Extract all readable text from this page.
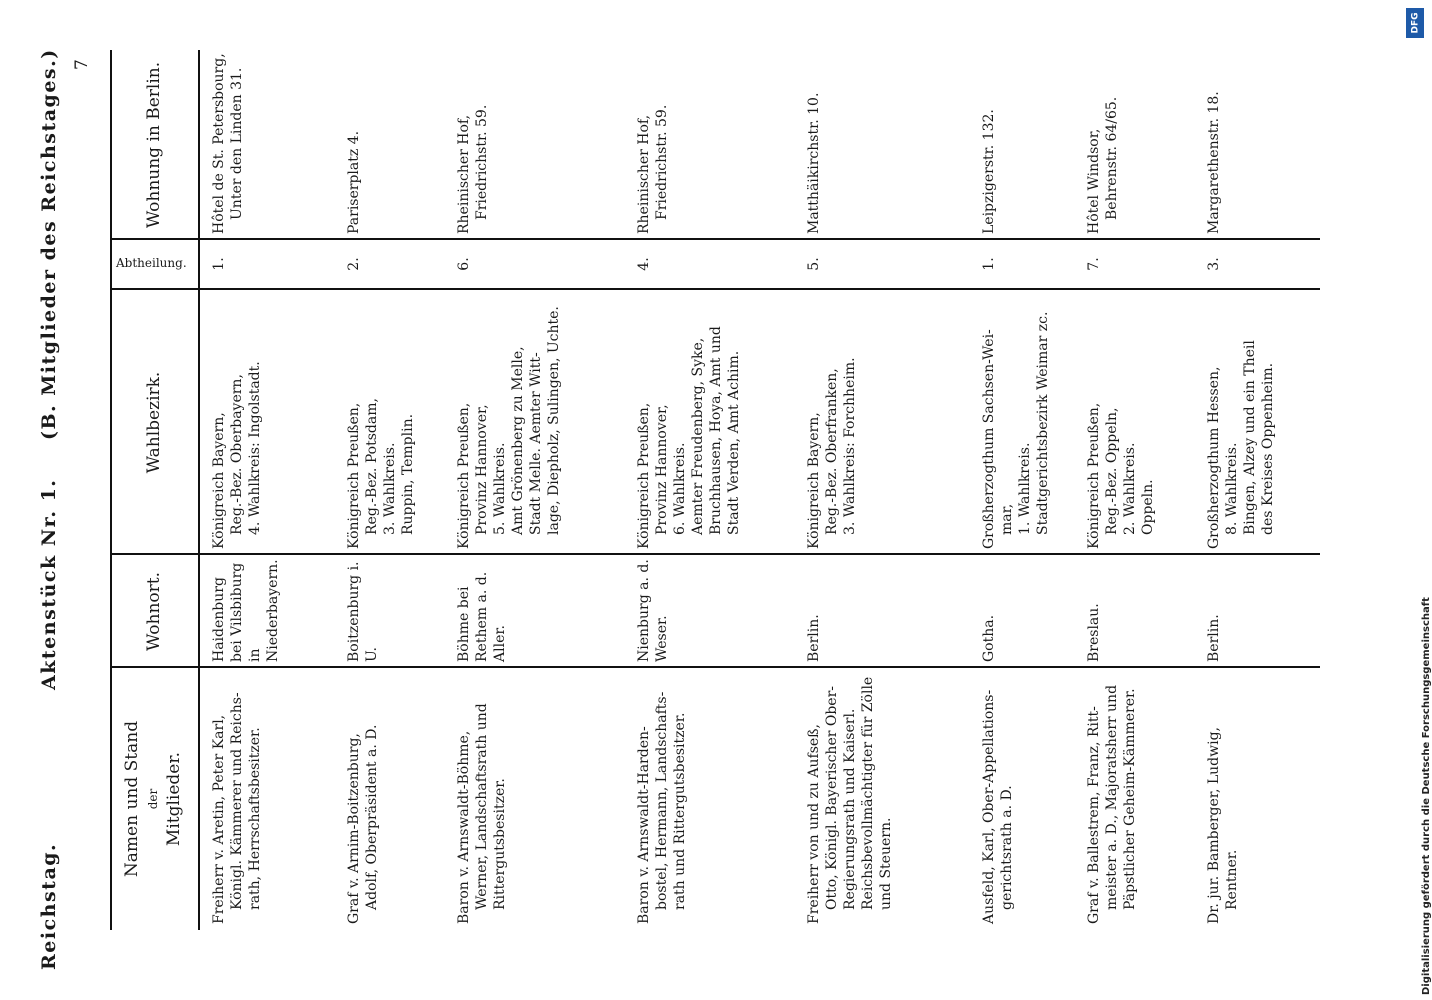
7
Reichstag.
Aktenstück Nr. 1.
(B. Mitglieder des Reichstages.)
Namen und Stand der Mitglieder.
Wohnort.
Wahlbezirk.
Abtheilung.
Wohnung in Berlin.
Freiherr v. Aretin, Peter Karl, Königl. Kämmerer und Reichs- rath, Herrschaftsbesitzer.
Haidenburg bei Vilsbiburg in Niederbayern.
Königreich Bayern, Reg.-Bez. Oberbayern, 4. Wahlkreis: Ingolstadt.
Hôtel de St. Petersbourg, Unter den Linden 31.
1.
Graf v. Arnim-Boitzenburg, Adolf, Oberpräsident a. D.
Boitzenburg i. U.
Königreich Preußen, Reg.-Bez. Potsdam, 3. Wahlkreis. Ruppin, Templin.
Pariserplatz 4.
2.
Baron v. Arnswaldt-Böhme, Werner, Landschaftsrath und Rittergutsbesitzer.
Böhme bei Rethem a. d. Aller.
Königreich Preußen, Provinz Hannover, 5. Wahlkreis. Amt Grönenberg zu Melle, Stadt Melle. Aemter Witt- lage, Diepholz, Sulingen, Uchte.
Rheinischer Hof, Friedrichstr. 59.
6.
Baron v. Arnswaldt-Harden- bostel, Hermann, Landschafts- rath und Rittergutsbesitzer.
Nienburg a. d. Weser.
Königreich Preußen, Provinz Hannover, 6. Wahlkreis. Aemter Freudenberg, Syke, Bruchhausen, Hoya, Amt und Stadt Verden, Amt Achim.
Rheinischer Hof, Friedrichstr. 59.
4.
Freiherr von und zu Aufseß, Otto, Königl. Bayerischer Ober- Regierungsrath und Kaiserl. Reichsbevollmächtigter für Zölle und Steuern.
Berlin.
Königreich Bayern, Reg.-Bez. Oberfranken, 3. Wahlkreis: Forchheim.
Matthäikirchstr. 10.
5.
Ausfeld, Karl, Ober-Appellations- gerichtsrath a. D.
Gotha.
Großherzogthum Sachsen-Wei- mar, 1. Wahlkreis. Stadtgerichtsbezirk Weimar zc.
Leipzigerstr. 132.
1.
Graf v. Ballestrem, Franz, Ritt- meister a. D., Majoratsherr und Päpstlicher Geheim-Kämmerer.
Breslau.
Königreich Preußen, Reg.-Bez. Oppeln, 2. Wahlkreis. Oppeln.
Hôtel Windsor, Behrenstr. 64/65.
7.
Dr. jur. Bamberger, Ludwig, Rentner.
Berlin.
Großherzogthum Hessen, 8. Wahlkreis. Bingen, Alzey und ein Theil des Kreises Oppenheim.
Margarethenstr. 18.
3.
DFG
Digitalisierung gefördert durch die Deutsche Forschungsgemeinschaft
